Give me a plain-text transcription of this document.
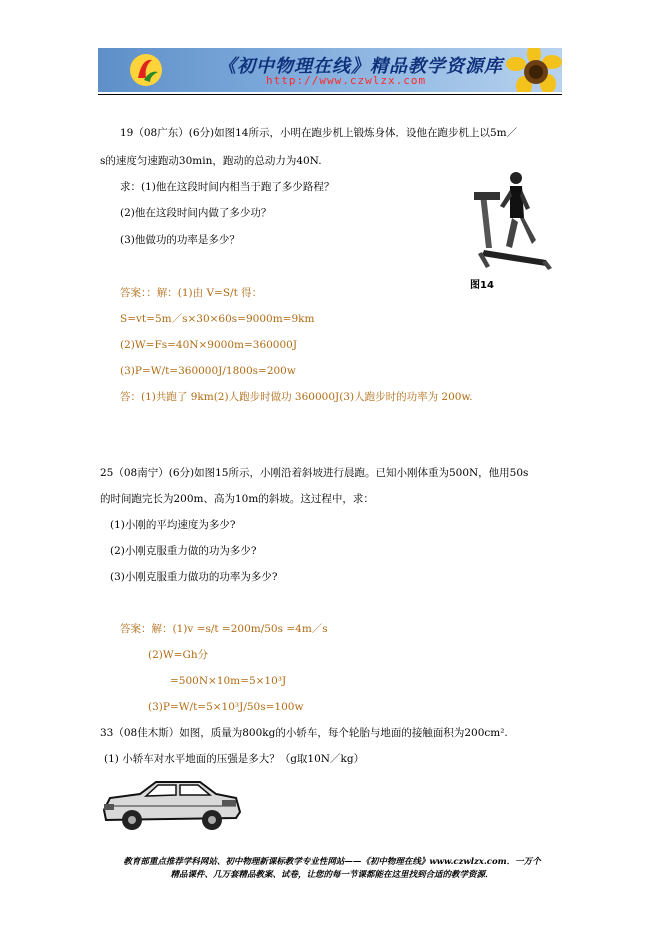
《初中物理在线》精品教学资源库
http://www.czwlzx.com
19（08广东）(6分)如图14所示，小明在跑步机上锻炼身体．设他在跑步机上以5m／
s的速度匀速跑动30min，跑动的总动力为40N.
求：(1)他在这段时间内相当于跑了多少路程？
(2)他在这段时间内做了多少功？
(3)他做功的功率是多少？
图14
答案：：解：(1)由 V=S/t 得：
S=vt=5m／s×30×60s=9000m=9km
(2)W=Fs=40N×9000m=360000J
(3)P=W/t=360000J/1800s=200w
答：(1)共跑了 9km(2)人跑步时做功 360000J(3)人跑步时的功率为 200w.
25（08南宁）(6分)如图15所示，小刚沿着斜坡进行晨跑。已知小刚体重为500N，他用50s
的时间跑完长为200m、高为10m的斜坡。这过程中，求：
(1)小刚的平均速度为多少?
(2)小刚克服重力做的功为多少?
(3)小刚克服重力做功的功率为多少?
答案：解：(1)v =s/t =200m/50s =4m／s
(2)W=Gh分
=500N×10m=5×10³J
(3)P=W/t=5×10³J/50s=100w
33（08佳木斯）如图，质量为800kg的小轿车，每个轮胎与地面的接触面积为200cm².
(1) 小轿车对水平地面的压强是多大？（g取10N／kg）
教育部重点推荐学科网站、初中物理新课标教学专业性网站——《初中物理在线》www.czwlzx.com．一万个
精品课件、几万套精品教案、试卷，让您的每一节课都能在这里找到合适的教学资源．
